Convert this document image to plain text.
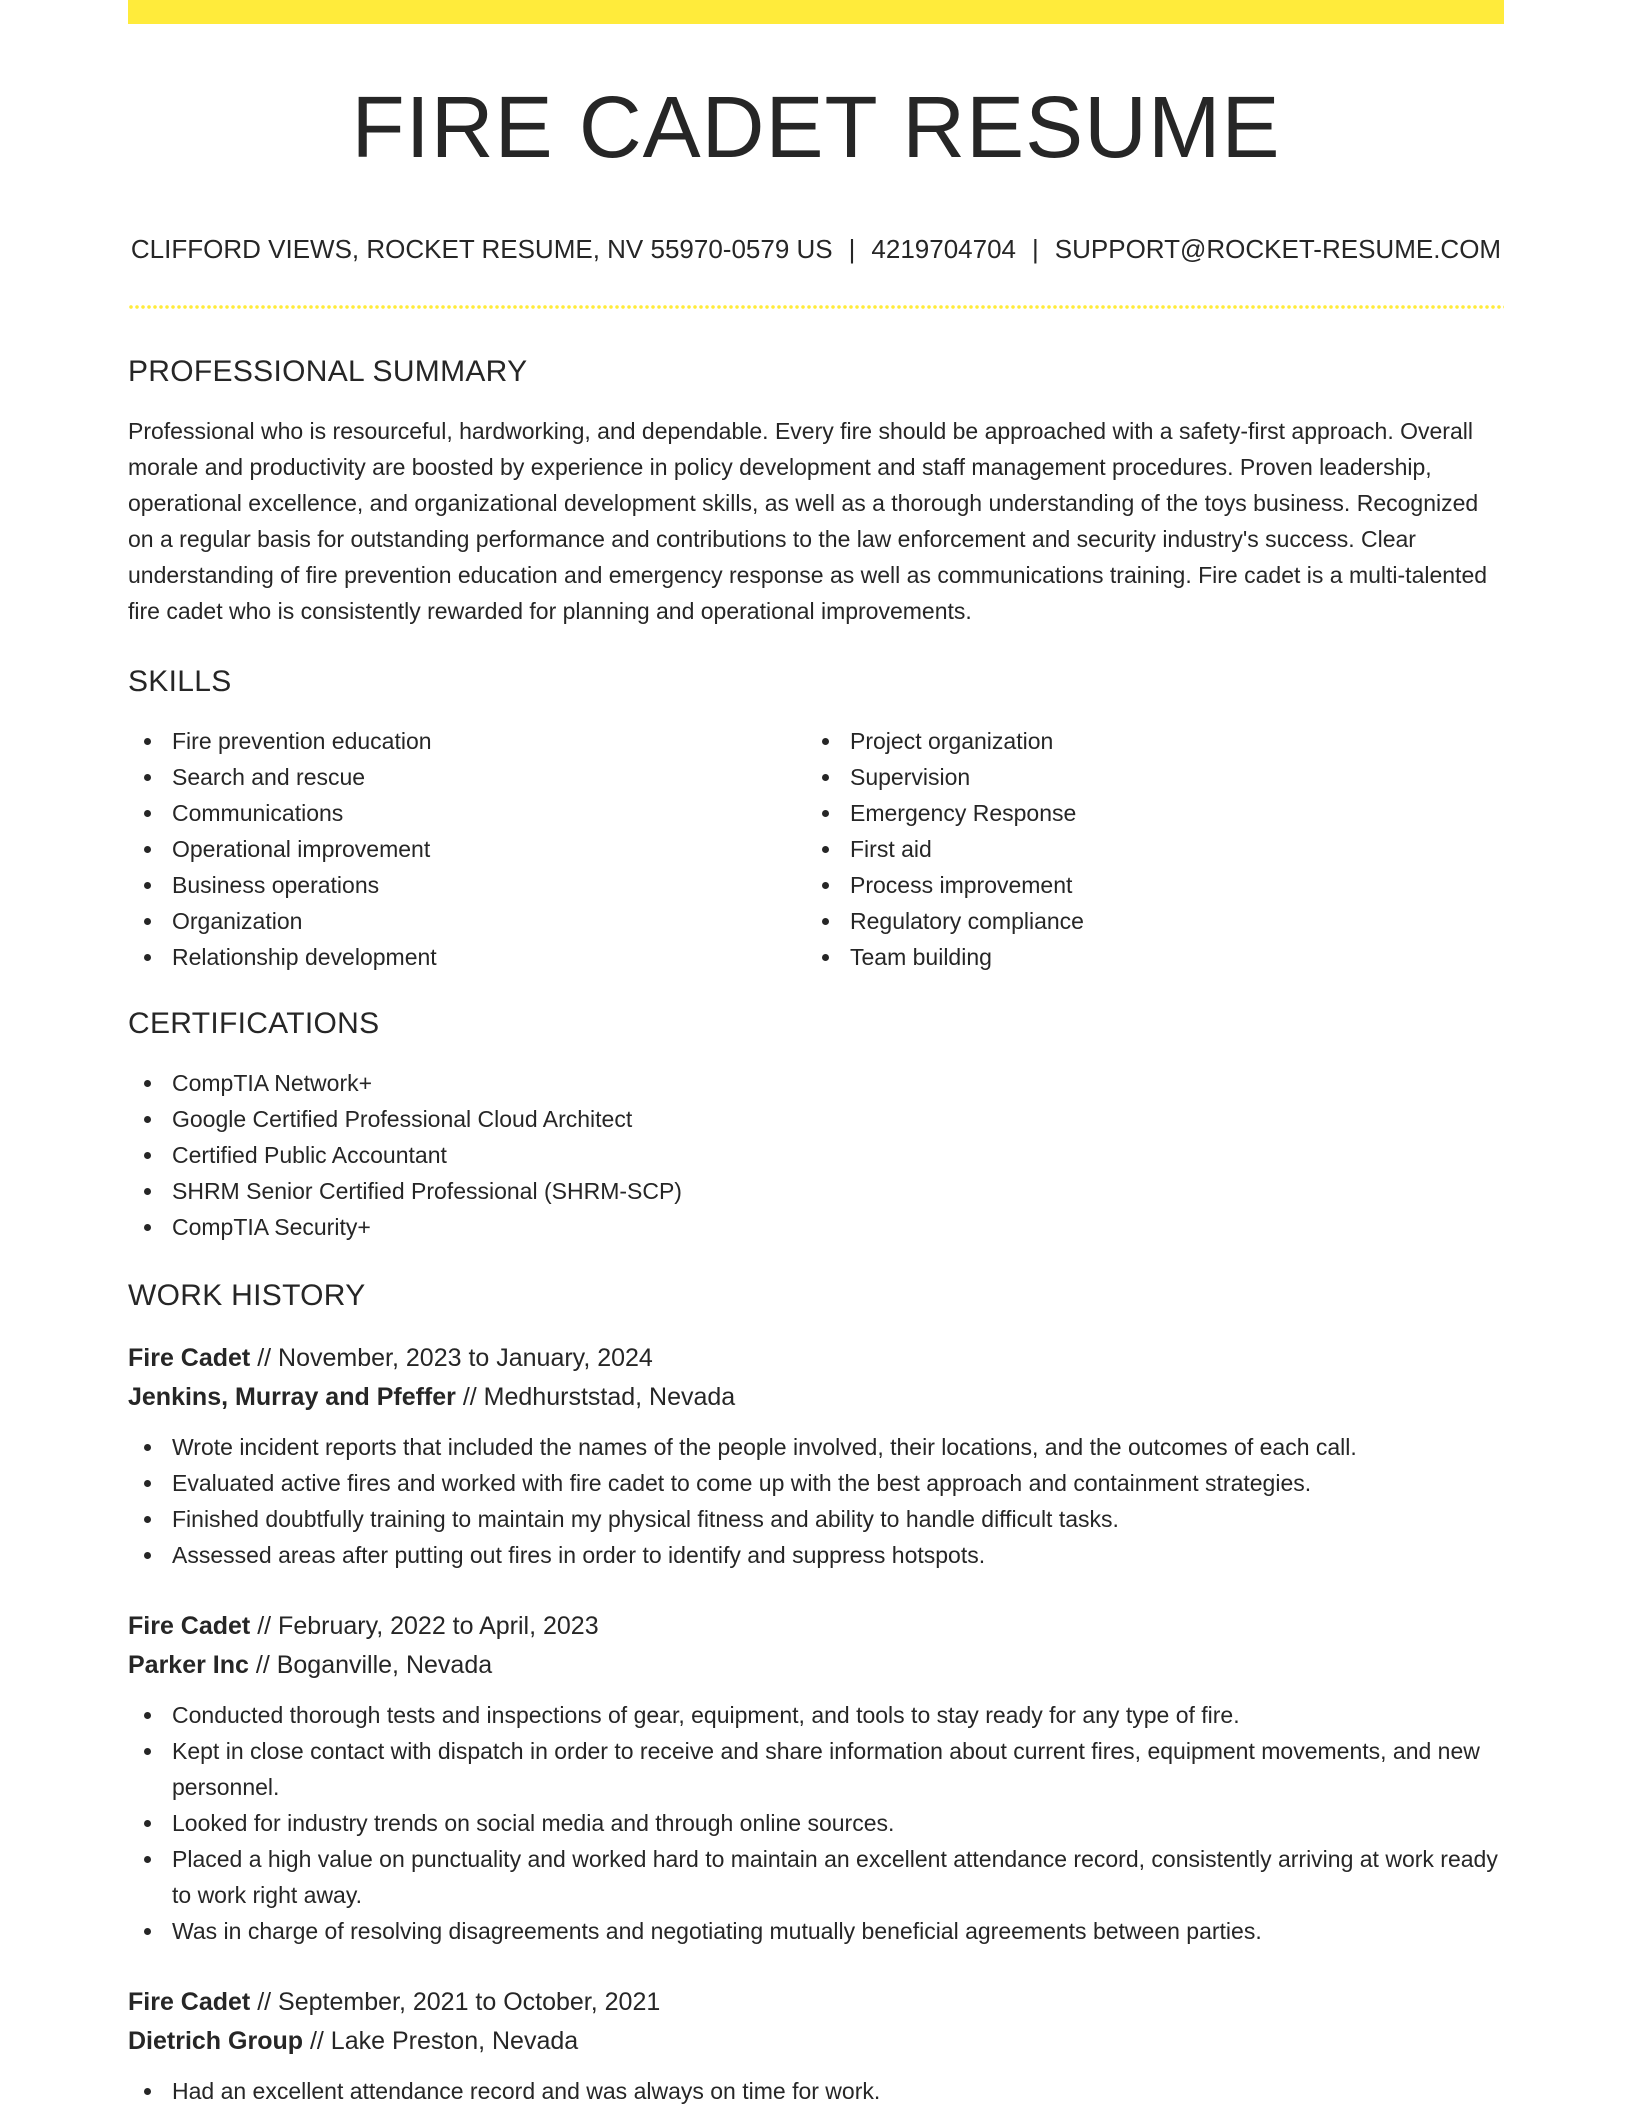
FIRE CADET RESUME
CLIFFORD VIEWS, ROCKET RESUME, NV 55970-0579 US | 4219704704 | SUPPORT@ROCKET-RESUME.COM
PROFESSIONAL SUMMARY

Professional who is resourceful, hardworking, and dependable. Every fire should be approached with a safety-first approach. Overall morale and productivity are boosted by experience in policy development and staff management procedures. Proven leadership, operational excellence, and organizational development skills, as well as a thorough understanding of the toys business. Recognized on a regular basis for outstanding performance and contributions to the law enforcement and security industry's success. Clear understanding of fire prevention education and emergency response as well as communications training. Fire cadet is a multi-talented fire cadet who is consistently rewarded for planning and operational improvements.

SKILLS
Fire prevention education
Search and rescue
Communications
Operational improvement
Business operations
Organization
Relationship development
Project organization
Supervision
Emergency Response
First aid
Process improvement
Regulatory compliance
Team building
CERTIFICATIONS
CompTIA Network+
Google Certified Professional Cloud Architect
Certified Public Accountant
SHRM Senior Certified Professional (SHRM-SCP)
CompTIA Security+
WORK HISTORY
Fire Cadet // November, 2023 to January, 2024
Jenkins, Murray and Pfeffer // Medhurststad, Nevada
Wrote incident reports that included the names of the people involved, their locations, and the outcomes of each call.
Evaluated active fires and worked with fire cadet to come up with the best approach and containment strategies.
Finished doubtfully training to maintain my physical fitness and ability to handle difficult tasks.
Assessed areas after putting out fires in order to identify and suppress hotspots.
Fire Cadet // February, 2022 to April, 2023
Parker Inc // Boganville, Nevada
Conducted thorough tests and inspections of gear, equipment, and tools to stay ready for any type of fire.
Kept in close contact with dispatch in order to receive and share information about current fires, equipment movements, and new personnel.
Looked for industry trends on social media and through online sources.
Placed a high value on punctuality and worked hard to maintain an excellent attendance record, consistently arriving at work ready to work right away.
Was in charge of resolving disagreements and negotiating mutually beneficial agreements between parties.
Fire Cadet // September, 2021 to October, 2021
Dietrich Group // Lake Preston, Nevada
Had an excellent attendance record and was always on time for work.
